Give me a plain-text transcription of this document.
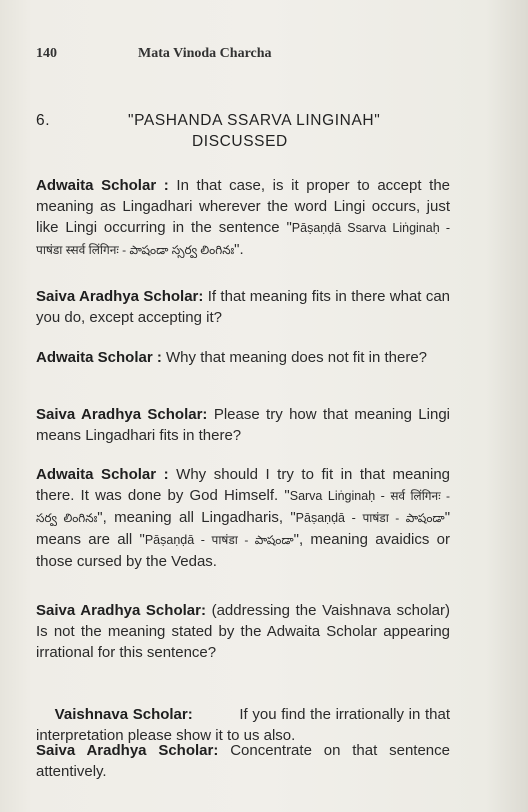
140	Mata Vinoda Charcha
6.	"PASHANDA SSARVA LINGINAH"
DISCUSSED
Adwaita Scholar : In that case, is it proper to accept the meaning as Lingadhari wherever the word Lingi occurs, just like Lingi occurring in the sentence "Pāṣaṇḍā Ssarva Liṅginaḥ - पाषंडा स्सर्व लिंगिनः - పాషండా స్సర్వ లింగినః".
Saiva Aradhya Scholar: If that meaning fits in there what can you do, except accepting it?
Adwaita Scholar : Why that meaning does not fit in there?
Saiva Aradhya Scholar: Please try how that meaning Lingi means Lingadhari fits in there?
Adwaita Scholar : Why should I try to fit in that meaning there. It was done by God Himself. "Sarva Liṅginaḥ - सर्व लिंगिनः - సర్వ లింగినః", meaning all Lingadharis, "Pāṣaṇḍā - पाषंडा - పాషండా" means are all "Pāṣaṇḍā - पाषंडा - పాషండా", meaning avaidics or those cursed by the Vedas.
Saiva Aradhya Scholar: (addressing the Vaishnava scholar) Is not the meaning stated by the Adwaita Scholar appearing irrational for this sentence?

Vaishnava Scholar:          If you find the irrationally in that interpretation please show it to us also.

Saiva Aradhya Scholar: Concentrate on that sentence attentively.
